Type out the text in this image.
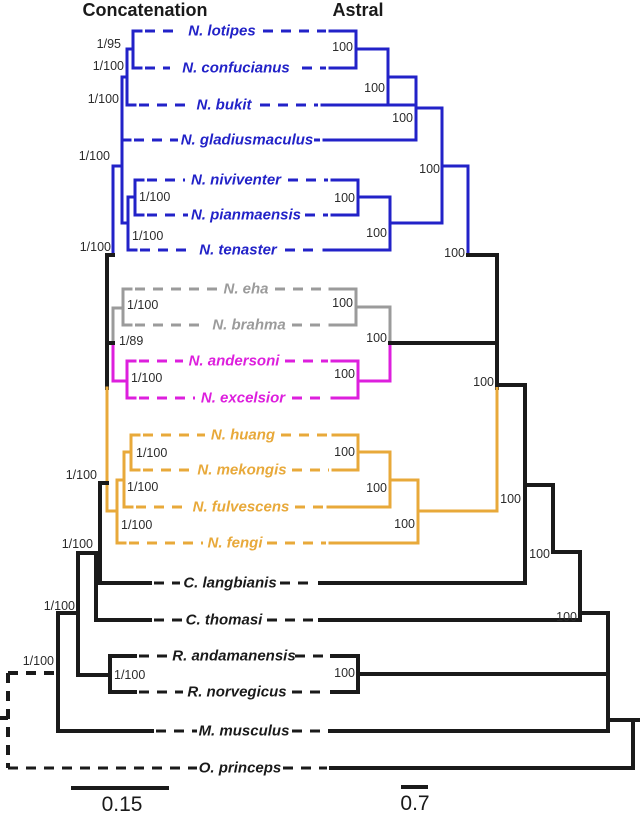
Concatenation	Astral
N. lotipes
N. confucianus
N. bukit
N. gladiusmaculus
N. niviventer
N. pianmaensis
N. tenaster
N. eha
N. brahma
N. andersoni
N. excelsior
N. huang
N. mekongis
N. fulvescens
N. fengi
C. langbianis
C. thomasi
R. andamanensis
R. norvegicus
M. musculus
O. princeps
1/95
1/100
1/100
1/100
1/100
1/100
1/100
1/100
1/89
1/100
1/100
1/100
1/100
1/100
1/100
1/100
1/100
1/100
100
100
100
100
100
100
100
100
100
100
100
100
100
100
100
100
100
100
0.15	0.7
